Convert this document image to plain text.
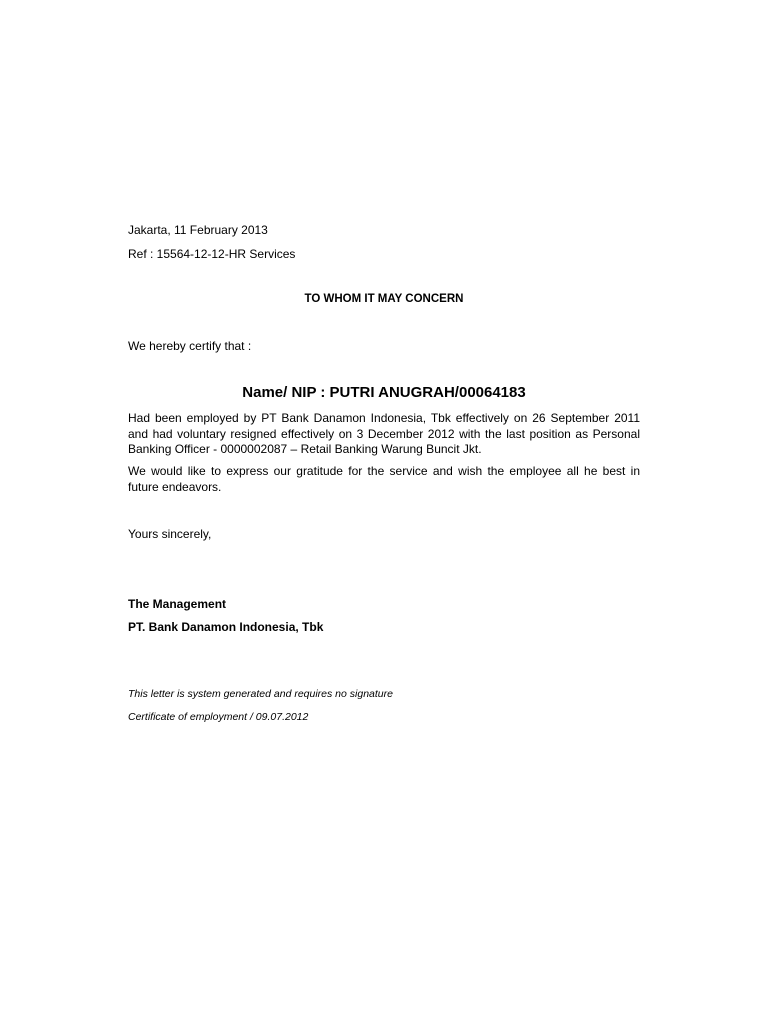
Jakarta, 11 February 2013
Ref : 15564-12-12-HR Services
TO WHOM IT MAY CONCERN
We hereby certify that :
Name/ NIP : PUTRI ANUGRAH/00064183
Had been employed by PT Bank Danamon Indonesia, Tbk effectively on 26 September 2011 and had voluntary resigned effectively on 3 December 2012 with the last position as Personal Banking Officer - 0000002087 – Retail Banking Warung Buncit Jkt.
We would like to express our gratitude for the service and wish the employee all he best in future endeavors.
Yours sincerely,
The Management
PT. Bank Danamon Indonesia, Tbk
This letter is system generated and requires no signature
Certificate of employment / 09.07.2012
